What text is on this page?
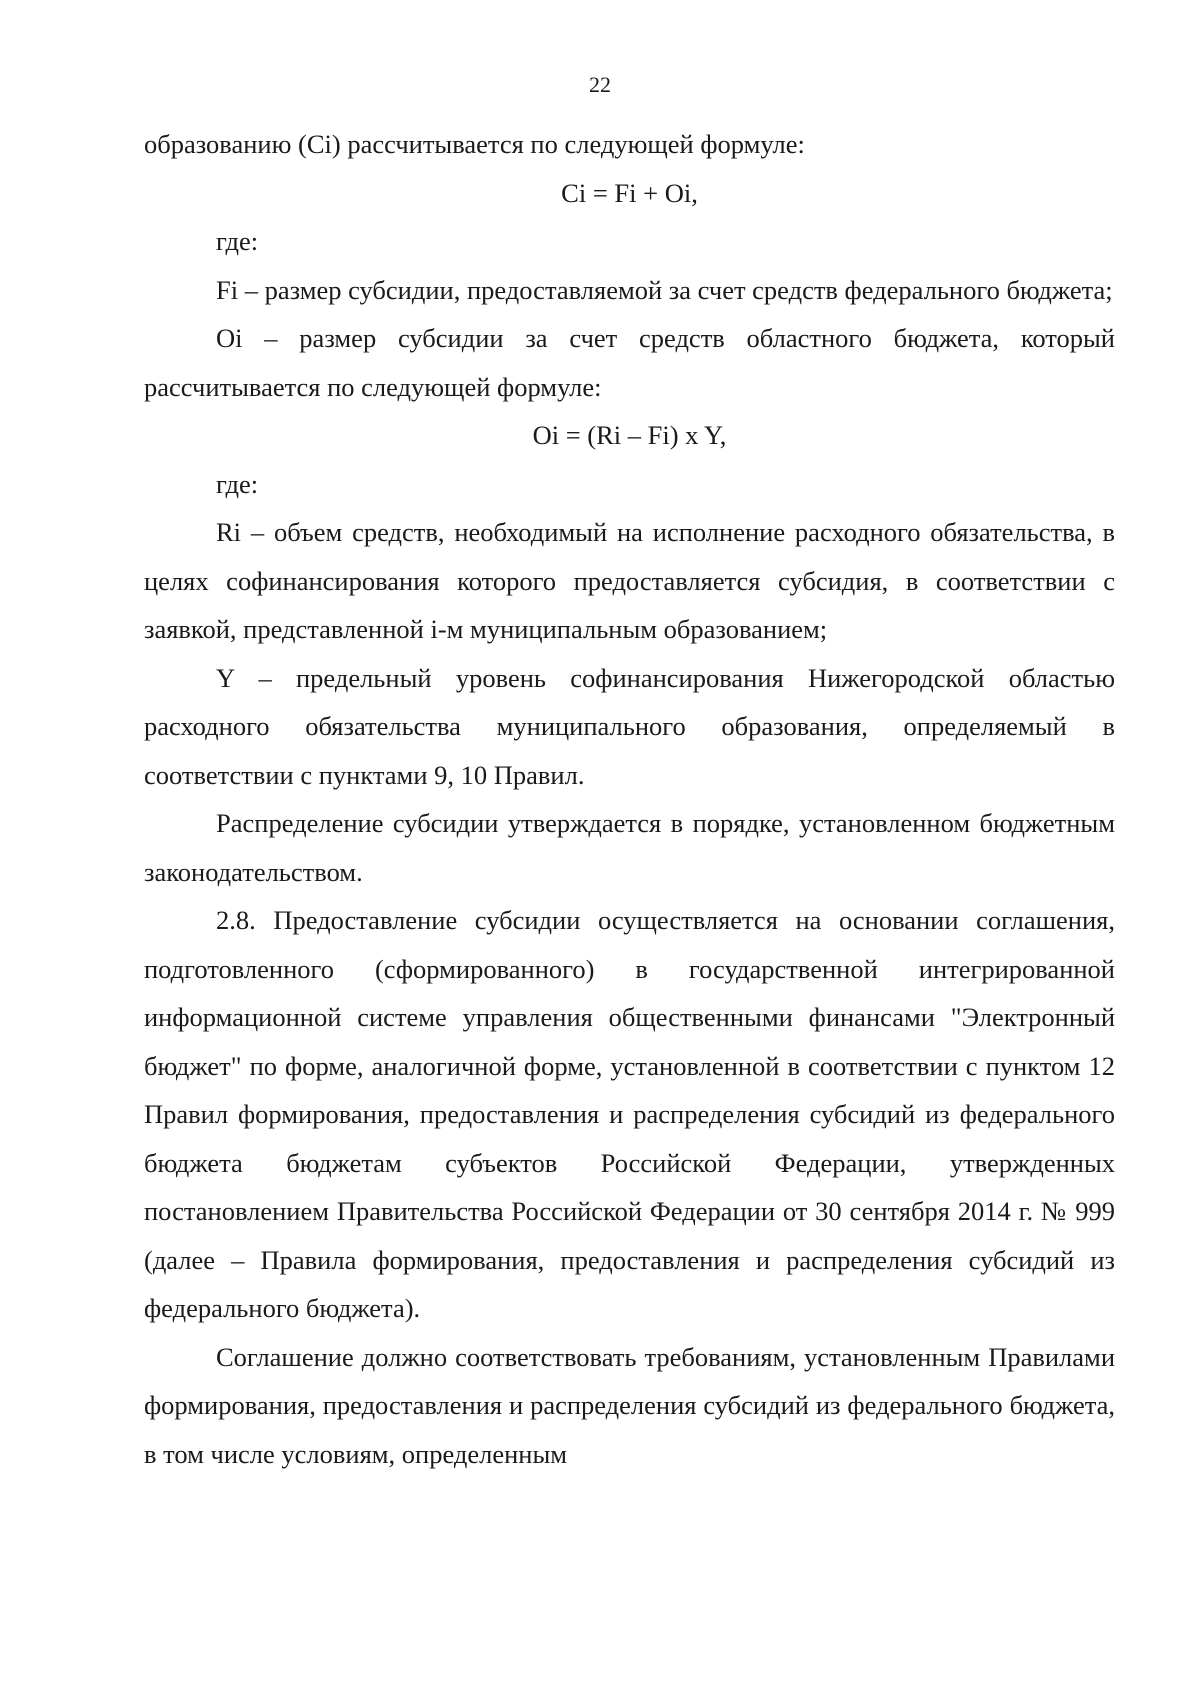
22

образованию (Ci) рассчитывается по следующей формуле:

Ci = Fi + Oi,

где:

Fi – размер субсидии, предоставляемой за счет средств федерального бюджета;

Oi – размер субсидии за счет средств областного бюджета, который рассчитывается по следующей формуле:

Oi = (Ri – Fi) x Y,

где:

Ri – объем средств, необходимый на исполнение расходного обязательства, в целях софинансирования которого предоставляется субсидия, в соответствии с заявкой, представленной i-м муниципальным образованием;

Y – предельный уровень софинансирования Нижегородской областью расходного обязательства муниципального образования, определяемый в соответствии с пунктами 9, 10 Правил.

Распределение субсидии утверждается в порядке, установленном бюджетным законодательством.

2.8. Предоставление субсидии осуществляется на основании соглашения, подготовленного (сформированного) в государственной интегрированной информационной системе управления общественными финансами "Электронный бюджет" по форме, аналогичной форме, установленной в соответствии с пунктом 12 Правил формирования, предоставления и распределения субсидий из федерального бюджета бюджетам субъектов Российской Федерации, утвержденных постановлением Правительства Российской Федерации от 30 сентября 2014 г. № 999 (далее – Правила формирования, предоставления и распределения субсидий из федерального бюджета).

Соглашение должно соответствовать требованиям, установленным Правилами формирования, предоставления и распределения субсидий из федерального бюджета, в том числе условиям, определенным
